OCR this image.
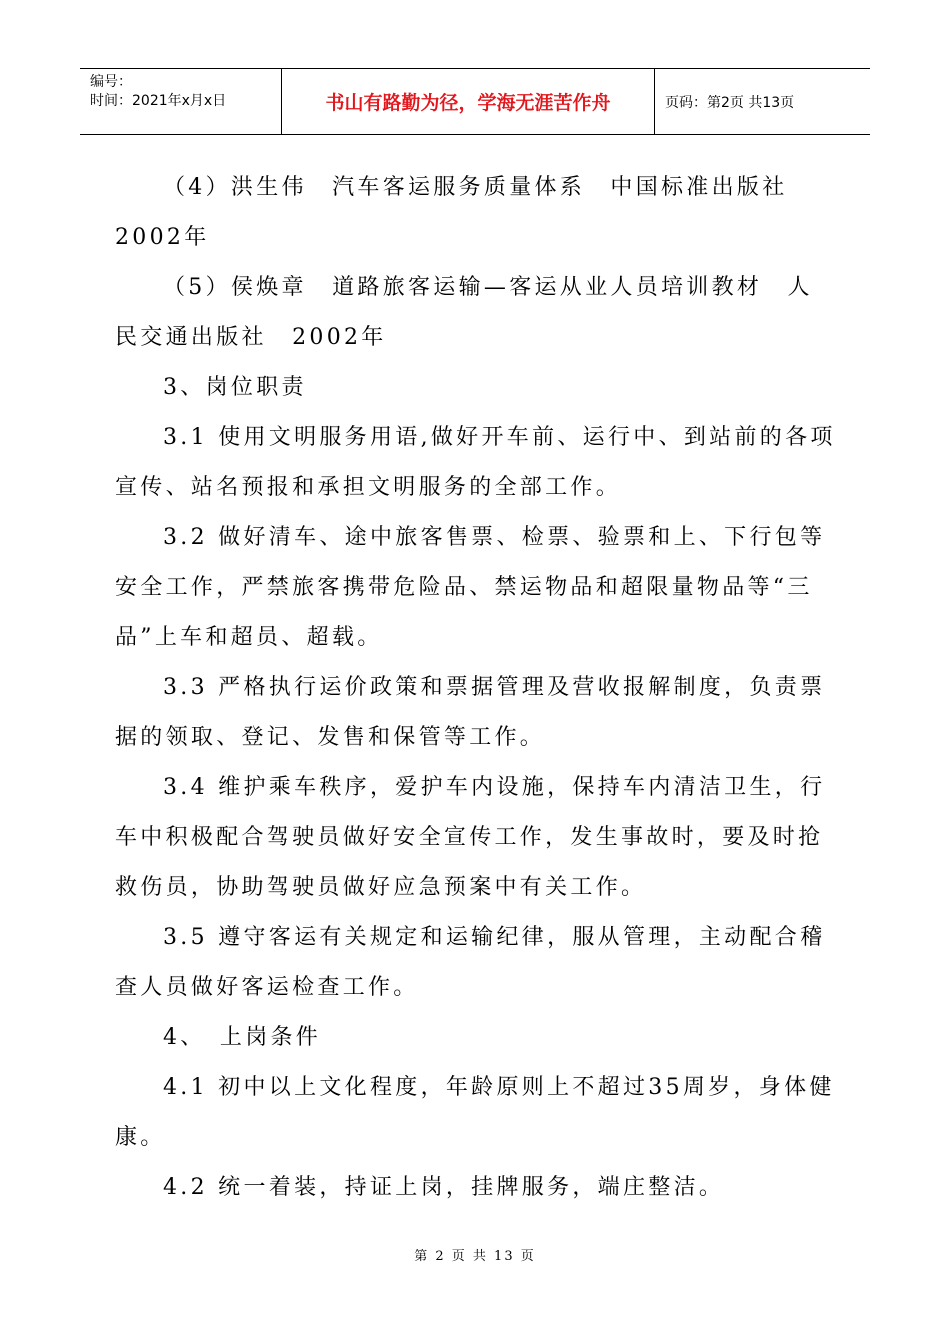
编号：
时间：2021年x月x日	书山有路勤为径，学海无涯苦作舟	页码：第2页 共13页

（4）洪生伟　汽车客运服务质量体系　中国标准出版社 2002年

（5）侯焕章　道路旅客运输—客运从业人员培训教材　人民交通出版社　2002年

3、岗位职责

3.1 使用文明服务用语,做好开车前、运行中、到站前的各项宣传、站名预报和承担文明服务的全部工作。

3.2 做好清车、途中旅客售票、检票、验票和上、下行包等安全工作，严禁旅客携带危险品、禁运物品和超限量物品等“三品”上车和超员、超载。

3.3 严格执行运价政策和票据管理及营收报解制度，负责票据的领取、登记、发售和保管等工作。

3.4 维护乘车秩序，爱护车内设施，保持车内清洁卫生，行车中积极配合驾驶员做好安全宣传工作，发生事故时，要及时抢救伤员，协助驾驶员做好应急预案中有关工作。

3.5 遵守客运有关规定和运输纪律，服从管理，主动配合稽查人员做好客运检查工作。

4、　上岗条件

4.1 初中以上文化程度，年龄原则上不超过35周岁，身体健康。

4.2 统一着装，持证上岗，挂牌服务，端庄整洁。

第 2 页 共 13 页
